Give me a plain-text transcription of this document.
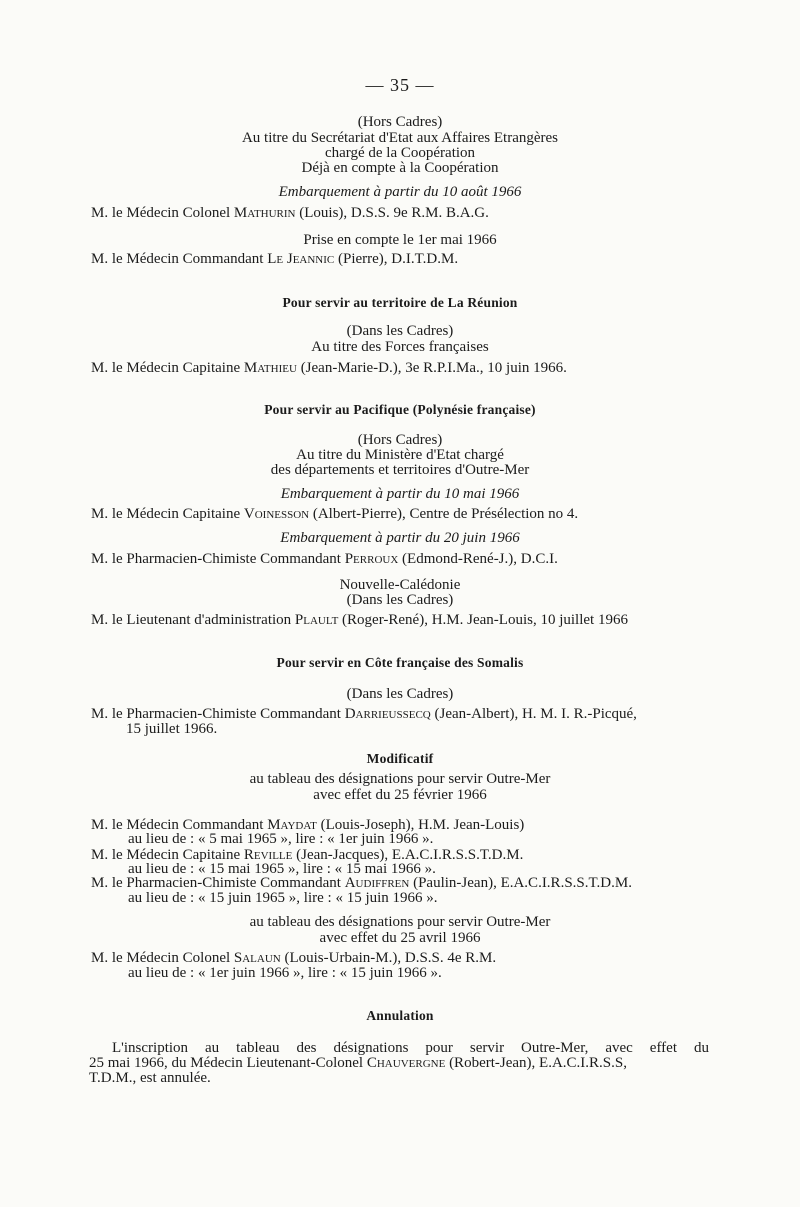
— 35 —
(Hors Cadres)
Au titre du Secrétariat d'Etat aux Affaires Etrangères
chargé de la Coopération
Déjà en compte à la Coopération
Embarquement à partir du 10 août 1966
M. le Médecin Colonel Mathurin (Louis), D.S.S. 9e R.M. B.A.G.
Prise en compte le 1er mai 1966
M. le Médecin Commandant Le Jeannic (Pierre), D.I.T.D.M.
Pour servir au territoire de La Réunion
(Dans les Cadres)
Au titre des Forces françaises
M. le Médecin Capitaine Mathieu (Jean-Marie-D.), 3e R.P.I.Ma., 10 juin 1966.
Pour servir au Pacifique (Polynésie française)
(Hors Cadres)
Au titre du Ministère d'Etat chargé
des départements et territoires d'Outre-Mer
Embarquement à partir du 10 mai 1966
M. le Médecin Capitaine Voinesson (Albert-Pierre), Centre de Présélection no 4.
Embarquement à partir du 20 juin 1966
M. le Pharmacien-Chimiste Commandant Perroux (Edmond-René-J.), D.C.I.
Nouvelle-Calédonie
(Dans les Cadres)
M. le Lieutenant d'administration Plault (Roger-René), H.M. Jean-Louis, 10 juillet 1966
Pour servir en Côte française des Somalis
(Dans les Cadres)
M. le Pharmacien-Chimiste Commandant Darrieussecq (Jean-Albert), H. M. I. R.-Picqué,
15 juillet 1966.
Modificatif
au tableau des désignations pour servir Outre-Mer
avec effet du 25 février 1966
M. le Médecin Commandant Maydat (Louis-Joseph), H.M. Jean-Louis)
au lieu de : « 5 mai 1965 », lire : « 1er juin 1966 ».
M. le Médecin Capitaine Reville (Jean-Jacques), E.A.C.I.R.S.S.T.D.M.
au lieu de : « 15 mai 1965 », lire : « 15 mai 1966 ».
M. le Pharmacien-Chimiste Commandant Audiffren (Paulin-Jean), E.A.C.I.R.S.S.T.D.M.
au lieu de : « 15 juin 1965 », lire : « 15 juin 1966 ».
au tableau des désignations pour servir Outre-Mer
avec effet du 25 avril 1966
M. le Médecin Colonel Salaun (Louis-Urbain-M.), D.S.S. 4e R.M.
au lieu de : « 1er juin 1966 », lire : « 15 juin 1966 ».
Annulation
L'inscription au tableau des désignations pour servir Outre-Mer, avec effet du
25 mai 1966, du Médecin Lieutenant-Colonel Chauvergne (Robert-Jean), E.A.C.I.R.S.S,
T.D.M., est annulée.
